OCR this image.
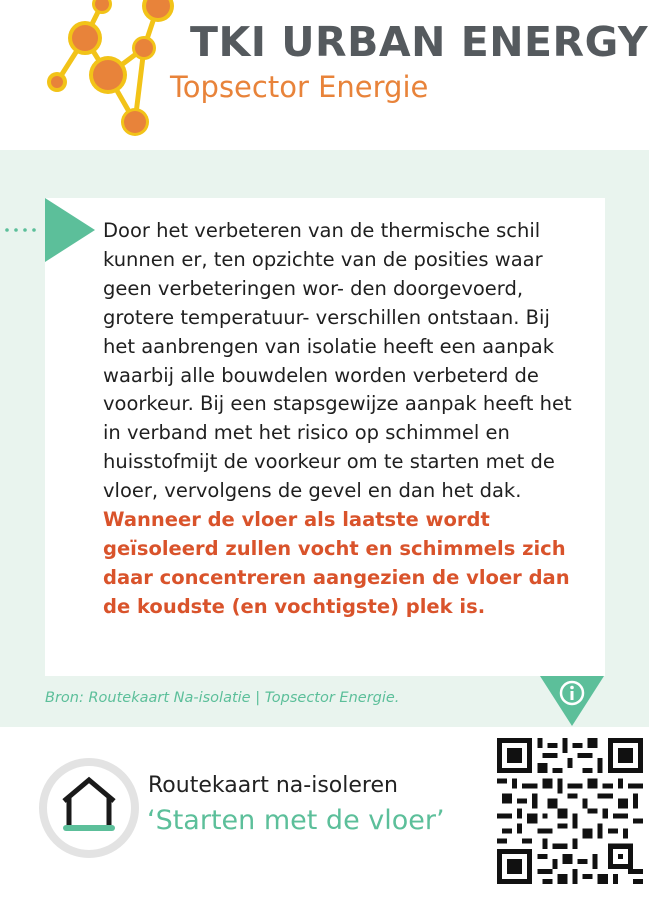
TKI URBAN ENERGY
Topsector Energie

Door het verbeteren van de thermische schil kunnen er, ten opzichte van de posities waar geen verbeteringen wor- den doorgevoerd, grotere temperatuur- verschillen ontstaan. Bij het aanbrengen van isolatie heeft een aanpak waarbij alle bouwdelen worden verbeterd de voorkeur. Bij een stapsgewijze aanpak heeft het in verband met het risico op schimmel en huisstofmijt de voorkeur om te starten met de vloer, vervolgens de gevel en dan het dak. Wanneer de vloer als laatste wordt geïsoleerd zullen vocht en schimmels zich daar concentreren aangezien de vloer dan de koudste (en vochtigste) plek is.

Bron: Routekaart Na-isolatie | Topsector Energie.
Routekaart na-isoleren
‘Starten met de vloer’
